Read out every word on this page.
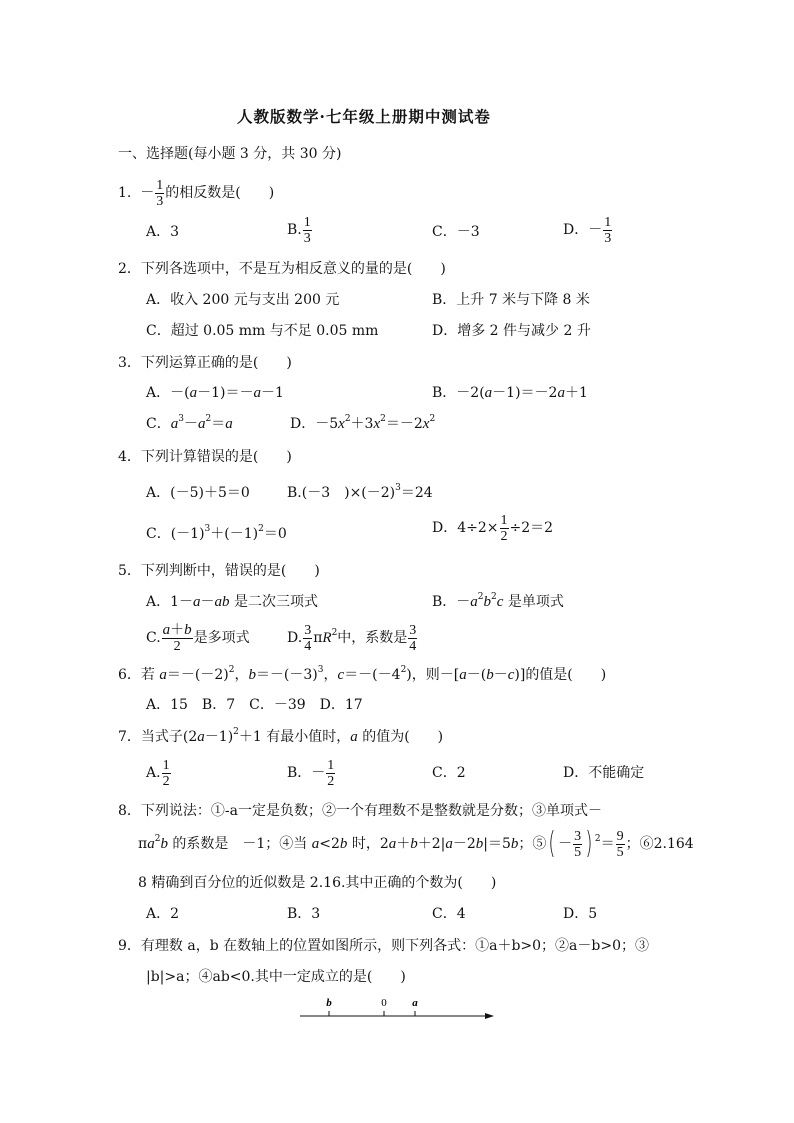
人教版数学·七年级上册期中测试卷
一、选择题(每小题 3 分，共 30 分)
1.  － $\frac{1}{3}$ 的相反数是(　　)
A．3	B. $\frac{1}{3}$	C．－3	D．－ $\frac{1}{3}$
2．下列各选项中，不是互为相反意义的量的是(　　)
A．收入 200 元与支出 200 元	B．上升 7 米与下降 8 米
C．超过 0.05 mm 与不足 0.05 mm	D．增多 2 件与减少 2 升
3．下列运算正确的是(　　)
A．－(a－1)＝－a－1	B．－2(a－1)＝－2a＋1
C．$a^3-a^2=a$	D．$-5x^2+3x^2=-2x^2$
4．下列计算错误的是(　　)
A．(－5)＋5＝0	B.(－3　)$\times(-2)^3=24$
C．$(-1)^3+(-1)^2=0$	D．$4\div 2\times \frac{1}{2} \div 2=2$
5．下列判断中，错误的是(　　)
A．1－a－ab 是二次三项式	B．$-a^2b^2c$ 是单项式
C. $\frac{a+b}{2}$ 是多项式	D. $\frac{3}{4} \pi R^2$中，系数是 $\frac{3}{4}$
6．若 $a=-(-2)^2$，$b=-(-3)^3$，$c=-(-4^2)$，则－[a－(b－c)]的值是(　　)
A．15　B．7　C．－39　D．17
7．当式子$(2a-1)^2+1$ 有最小值时，a 的值为(　　)
A. $\frac{1}{2}$	B．－ $\frac{1}{2}$	C．2	D．不能确定
8．下列说法：①-a一定是负数；②一个有理数不是整数就是分数；③单项式－
$\pi a^2b$ 的系数是　－1；④当 a<2b 时，2a＋b＋2|a－2b|＝5b；⑤( － $\frac{3}{5}$ ) $^2= \frac{9}{5}$ ；⑥2.164
8 精确到百分位的近似数是 2.16.其中正确的个数为(　　)
A．2	B．3	C．4	D．5
9．有理数 a，b 在数轴上的位置如图所示，则下列各式：①a＋b>0；②a－b>0；③
|b|>a；④ab<0.其中一定成立的是(　　)
b	0 a
